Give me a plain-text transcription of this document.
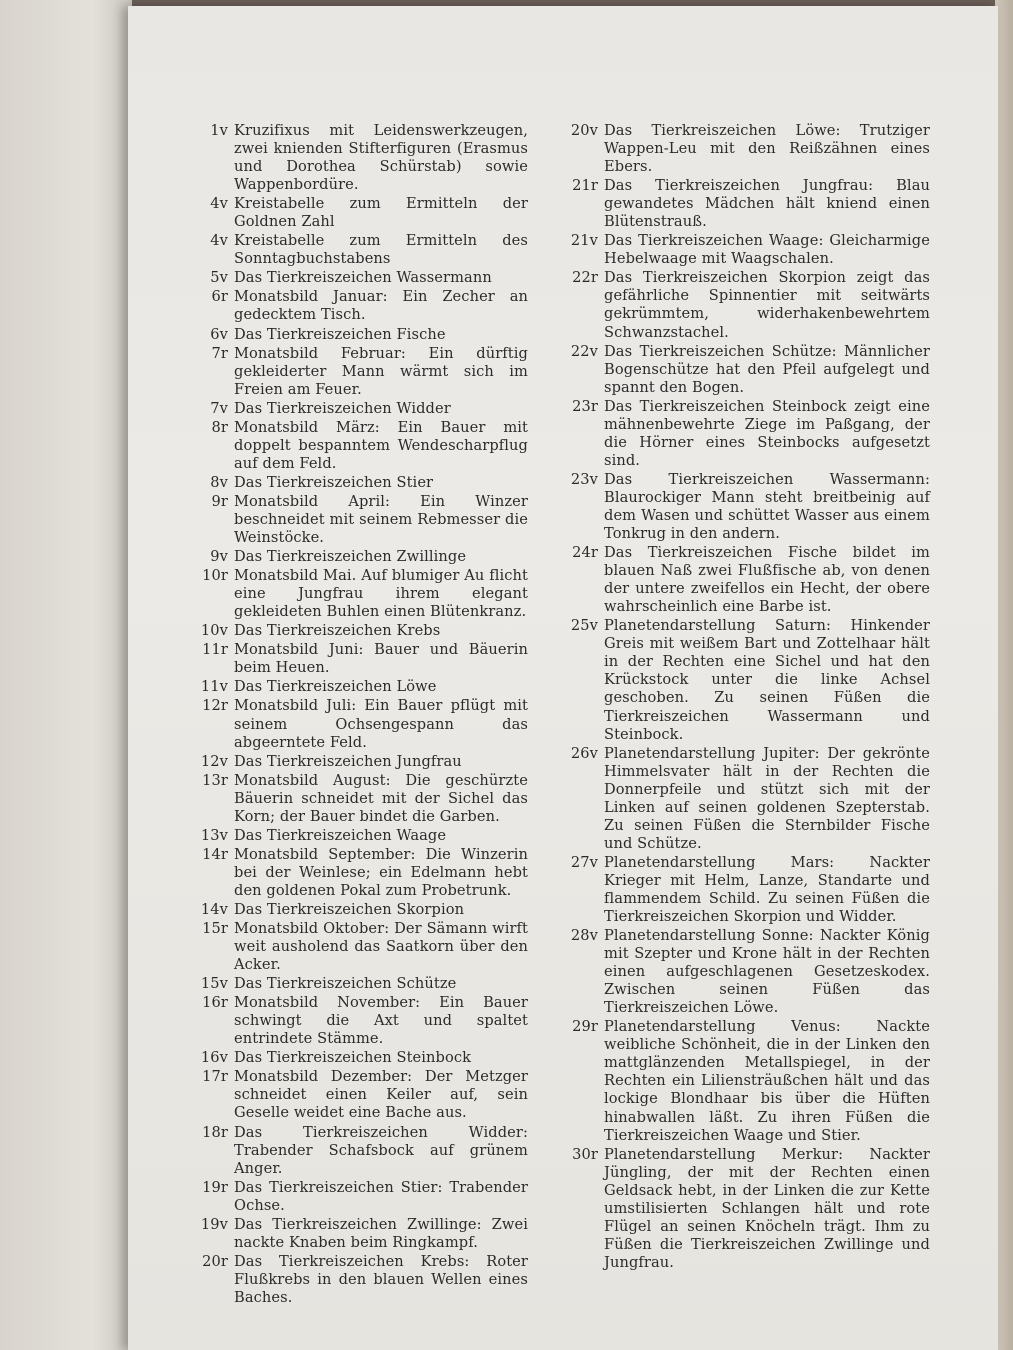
1v Kruzifixus mit Leidenswerkzeugen, zwei knienden Stifterfiguren (Erasmus und Dorothea Schürstab) sowie Wappenbordüre.
4v Kreistabelle zum Ermitteln der Goldnen Zahl
4v Kreistabelle zum Ermitteln des Sonntagbuchstabens
5v Das Tierkreiszeichen Wassermann
6r Monatsbild Januar: Ein Zecher an gedecktem Tisch.
6v Das Tierkreiszeichen Fische
7r Monatsbild Februar: Ein dürftig gekleiderter Mann wärmt sich im Freien am Feuer.
7v Das Tierkreiszeichen Widder
8r Monatsbild März: Ein Bauer mit doppelt bespanntem Wendescharpflug auf dem Feld.
8v Das Tierkreiszeichen Stier
9r Monatsbild April: Ein Winzer beschneidet mit seinem Rebmesser die Weinstöcke.
9v Das Tierkreiszeichen Zwillinge
10r Monatsbild Mai. Auf blumiger Au flicht eine Jungfrau ihrem elegant gekleideten Buhlen einen Blütenkranz.
10v Das Tierkreiszeichen Krebs
11r Monatsbild Juni: Bauer und Bäuerin beim Heuen.
11v Das Tierkreiszeichen Löwe
12r Monatsbild Juli: Ein Bauer pflügt mit seinem Ochsengespann das abgeerntete Feld.
12v Das Tierkreiszeichen Jungfrau
13r Monatsbild August: Die geschürzte Bäuerin schneidet mit der Sichel das Korn; der Bauer bindet die Garben.
13v Das Tierkreiszeichen Waage
14r Monatsbild September: Die Winzerin bei der Weinlese; ein Edelmann hebt den goldenen Pokal zum Probetrunk.
14v Das Tierkreiszeichen Skorpion
15r Monatsbild Oktober: Der Sämann wirft weit ausholend das Saatkorn über den Acker.
15v Das Tierkreiszeichen Schütze
16r Monatsbild November: Ein Bauer schwingt die Axt und spaltet entrindete Stämme.
16v Das Tierkreiszeichen Steinbock
17r Monatsbild Dezember: Der Metzger schneidet einen Keiler auf, sein Geselle weidet eine Bache aus.
18r Das Tierkreiszeichen Widder: Trabender Schafsbock auf grünem Anger.
19r Das Tierkreiszeichen Stier: Trabender Ochse.
19v Das Tierkreiszeichen Zwillinge: Zwei nackte Knaben beim Ringkampf.
20r Das Tierkreiszeichen Krebs: Roter Flußkrebs in den blauen Wellen eines Baches.
20v Das Tierkreiszeichen Löwe: Trutziger Wappen-Leu mit den Reißzähnen eines Ebers.
21r Das Tierkreiszeichen Jungfrau: Blau gewandetes Mädchen hält kniend einen Blütenstrauß.
21v Das Tierkreiszeichen Waage: Gleicharmige Hebelwaage mit Waagschalen.
22r Das Tierkreiszeichen Skorpion zeigt das gefährliche Spinnentier mit seitwärts gekrümmtem, widerhakenbewehrtem Schwanzstachel.
22v Das Tierkreiszeichen Schütze: Männlicher Bogenschütze hat den Pfeil aufgelegt und spannt den Bogen.
23r Das Tierkreiszeichen Steinbock zeigt eine mähnenbewehrte Ziege im Paßgang, der die Hörner eines Steinbocks aufgesetzt sind.
23v Das Tierkreiszeichen Wassermann: Blaurockiger Mann steht breitbeinig auf dem Wasen und schüttet Wasser aus einem Tonkrug in den andern.
24r Das Tierkreiszeichen Fische bildet im blauen Naß zwei Flußfische ab, von denen der untere zweifellos ein Hecht, der obere wahrscheinlich eine Barbe ist.
25v Planetendarstellung Saturn: Hinkender Greis mit weißem Bart und Zottelhaar hält in der Rechten eine Sichel und hat den Krückstock unter die linke Achsel geschoben. Zu seinen Füßen die Tierkreiszeichen Wassermann und Steinbock.
26v Planetendarstellung Jupiter: Der gekrönte Himmelsvater hält in der Rechten die Donnerpfeile und stützt sich mit der Linken auf seinen goldenen Szepterstab. Zu seinen Füßen die Sternbilder Fische und Schütze.
27v Planetendarstellung Mars: Nackter Krieger mit Helm, Lanze, Standarte und flammendem Schild. Zu seinen Füßen die Tierkreiszeichen Skorpion und Widder.
28v Planetendarstellung Sonne: Nackter König mit Szepter und Krone hält in der Rechten einen aufgeschlagenen Gesetzeskodex. Zwischen seinen Füßen das Tierkreiszeichen Löwe.
29r Planetendarstellung Venus: Nackte weibliche Schönheit, die in der Linken den mattglänzenden Metallspiegel, in der Rechten ein Liliensträußchen hält und das lockige Blondhaar bis über die Hüften hinabwallen läßt. Zu ihren Füßen die Tierkreiszeichen Waage und Stier.
30r Planetendarstellung Merkur: Nackter Jüngling, der mit der Rechten einen Geldsack hebt, in der Linken die zur Kette umstilisierten Schlangen hält und rote Flügel an seinen Knöcheln trägt. Ihm zu Füßen die Tierkreiszeichen Zwillinge und Jungfrau.
